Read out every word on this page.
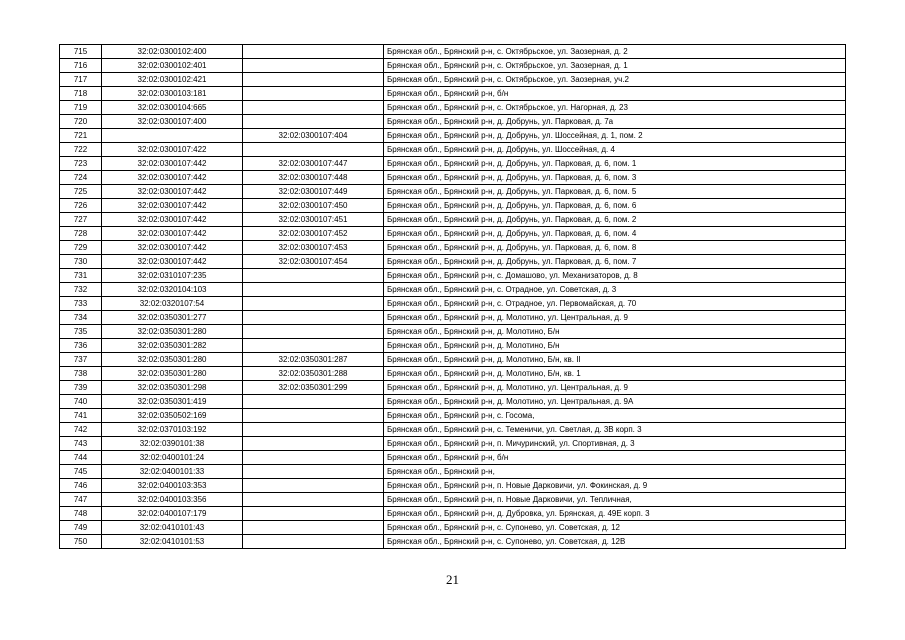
715	32:02:0300102:400		Брянская обл., Брянский р-н, с. Октябрьское, ул. Заозерная, д. 2
716	32:02:0300102:401		Брянская обл., Брянский р-н, с. Октябрьское, ул. Заозерная, д. 1
717	32:02:0300102:421		Брянская обл., Брянский р-н, с. Октябрьское, ул. Заозерная, уч.2
718	32:02:0300103:181		Брянская обл., Брянский р-н, б/н
719	32:02:0300104:665		Брянская обл., Брянский р-н, с. Октябрьское, ул. Нагорная, д. 23
720	32:02:0300107:400		Брянская обл., Брянский р-н, д. Добрунь, ул. Парковая, д. 7а
721		32:02:0300107:404	Брянская обл., Брянский р-н, д. Добрунь, ул. Шоссейная, д. 1, пом. 2
722	32:02:0300107:422		Брянская обл., Брянский р-н, д. Добрунь, ул. Шоссейная, д. 4
723	32:02:0300107:442	32:02:0300107:447	Брянская обл., Брянский р-н, д. Добрунь, ул. Парковая, д. 6, пом. 1
724	32:02:0300107:442	32:02:0300107:448	Брянская обл., Брянский р-н, д. Добрунь, ул. Парковая, д. 6, пом. 3
725	32:02:0300107:442	32:02:0300107:449	Брянская обл., Брянский р-н, д. Добрунь, ул. Парковая, д. 6, пом. 5
726	32:02:0300107:442	32:02:0300107:450	Брянская обл., Брянский р-н, д. Добрунь, ул. Парковая, д. 6, пом. 6
727	32:02:0300107:442	32:02:0300107:451	Брянская обл., Брянский р-н, д. Добрунь, ул. Парковая, д. 6, пом. 2
728	32:02:0300107:442	32:02:0300107:452	Брянская обл., Брянский р-н, д. Добрунь, ул. Парковая, д. 6, пом. 4
729	32:02:0300107:442	32:02:0300107:453	Брянская обл., Брянский р-н, д. Добрунь, ул. Парковая, д. 6, пом. 8
730	32:02:0300107:442	32:02:0300107:454	Брянская обл., Брянский р-н, д. Добрунь, ул. Парковая, д. 6, пом. 7
731	32:02:0310107:235		Брянская обл., Брянский р-н, с. Домашово, ул. Механизаторов, д. 8
732	32:02:0320104:103		Брянская обл., Брянский р-н, с. Отрадное, ул. Советская, д. 3
733	32:02:0320107:54		Брянская обл., Брянский р-н, с. Отрадное, ул. Первомайская, д. 70
734	32:02:0350301:277		Брянская обл., Брянский р-н, д. Молотино, ул. Центральная, д. 9
735	32:02:0350301:280		Брянская обл., Брянский р-н, д. Молотино, Б/н
736	32:02:0350301:282		Брянская обл., Брянский р-н, д. Молотино, Б/н
737	32:02:0350301:280	32:02:0350301:287	Брянская обл., Брянский р-н, д. Молотино, Б/н, кв. II
738	32:02:0350301:280	32:02:0350301:288	Брянская обл., Брянский р-н, д. Молотино, Б/н, кв. 1
739	32:02:0350301:298	32:02:0350301:299	Брянская обл., Брянский р-н, д. Молотино, ул. Центральная, д. 9
740	32:02:0350301:419		Брянская обл., Брянский р-н, д. Молотино, ул. Центральная, д. 9А
741	32:02:0350502:169		Брянская обл., Брянский р-н, с. Госома,
742	32:02:0370103:192		Брянская обл., Брянский р-н, с. Теменичи, ул. Светлая, д. 3В корп. 3
743	32:02:0390101:38		Брянская обл., Брянский р-н, п. Мичуринский, ул. Спортивная, д. 3
744	32:02:0400101:24		Брянская обл., Брянский р-н, б/н
745	32:02:0400101:33		Брянская обл., Брянский р-н,
746	32:02:0400103:353		Брянская обл., Брянский р-н, п. Новые Дарковичи, ул. Фокинская, д. 9
747	32:02:0400103:356		Брянская обл., Брянский р-н, п. Новые Дарковичи, ул. Тепличная,
748	32:02:0400107:179		Брянская обл., Брянский р-н, д. Дубровка, ул. Брянская, д. 49Е корп. 3
749	32:02:0410101:43		Брянская обл., Брянский р-н, с. Супонево, ул. Советская, д. 12
750	32:02:0410101:53		Брянская обл., Брянский р-н, с. Супонево, ул. Советская, д. 12В
21
